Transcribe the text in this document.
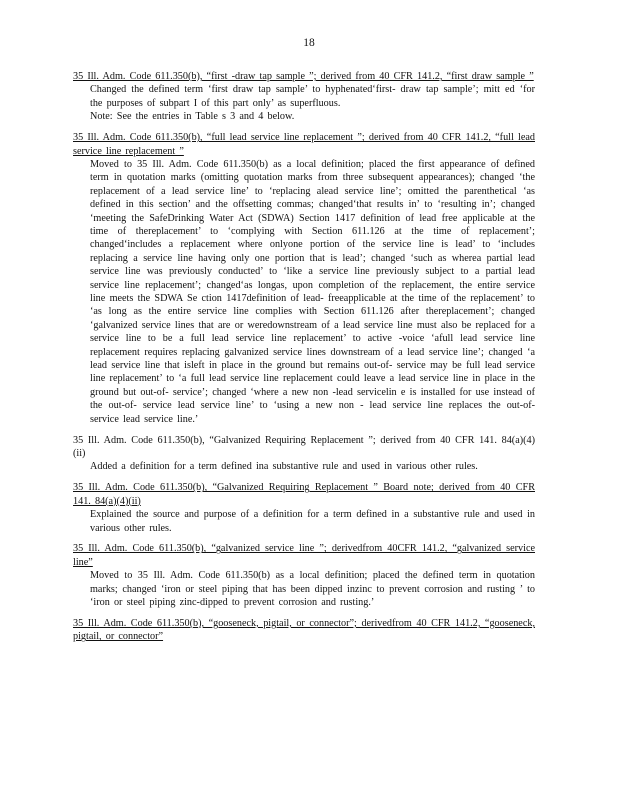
18
35 Ill. Adm. Code 611.350(b), “first -draw tap sample ”; derived from 40 CFR 141.2, “first draw sample ”

Changed the defined term ‘first draw tap sample’ to hyphenated‘first- draw tap sample’; mitt ed ‘for the purposes of subpart I of this part only’ as superfluous.

Note: See the entries in Table s 3 and 4 below.

35 Ill. Adm. Code 611.350(b), “full lead service line replacement ”; derived from 40 CFR 141.2, “full lead service line replacement ”

Moved to 35 Ill. Adm. Code 611.350(b) as a local definition; placed the first appearance of defined term in quotation marks (omitting quotation marks from three subsequent appearances); changed ‘the replacement of a lead service line’ to ‘replacing alead service line’; omitted the parenthetical ‘as defined in this section’ and the offsetting commas; changed‘that results in’ to ‘resulting in’; changed ‘meeting the SafeDrinking Water Act (SDWA) Section 1417 definition of lead free applicable at the time of thereplacement’ to ‘complying with Section 611.126 at the time of replacement’; changed‘includes a replacement where onlyone portion of the service line is lead’ to ‘includes replacing a service line having only one portion that is lead’; changed ‘such as wherea partial lead service line was previously conducted’ to ‘like a service line previously subject to a partial lead service line replacement’; changed‘as longas, upon completion of the replacement, the entire service line meets the SDWA Se ction 1417definition of lead- freeapplicable at the time of the replacement’ to ‘as long as the entire service line complies with Section 611.126 after thereplacement’; changed ‘galvanized service lines that are or weredownstream of a lead service line must also be replaced for a service line to be a full lead service line replacement’ to active -voice ‘afull lead service line replacement requires replacing galvanized service lines downstream of a lead service line’; changed ‘a lead service line that isleft in place in the ground but remains out-of- service may be full lead service line replacement’ to ‘a full lead service line replacement could leave a lead service line in place in the ground but out-of- service’; changed ‘where a new non -lead servicelin e is installed for use instead of the out-of- service lead service line’ to ‘using a new non - lead service line replaces the out-of- service lead service line.’

35 Ill. Adm. Code 611.350(b), “Galvanized Requiring Replacement ”; derived from 40 CFR 141. 84(a)(4)(ii)

Added a definition for a term defined ina substantive rule and used in various other rules.

35 Ill. Adm. Code 611.350(b), “Galvanized Requiring Replacement ” Board note; derived from 40 CFR 141. 84(a)(4)(ii)

Explained the source and purpose of a definition for a term defined in a substantive rule and used in various other rules.

35 Ill. Adm. Code 611.350(b), “galvanized service line ”; derivedfrom 40CFR 141.2, “galvanized service line”

Moved to 35 Ill. Adm. Code 611.350(b) as a local definition; placed the defined term in quotation marks; changed ‘iron or steel piping that has been dipped inzinc to prevent corrosion and rusting ’ to ‘iron or steel piping zinc-dipped to prevent corrosion and rusting.’

35 Ill. Adm. Code 611.350(b), “gooseneck, pigtail, or connector”; derivedfrom 40 CFR 141.2, “gooseneck, pigtail, or connector”
